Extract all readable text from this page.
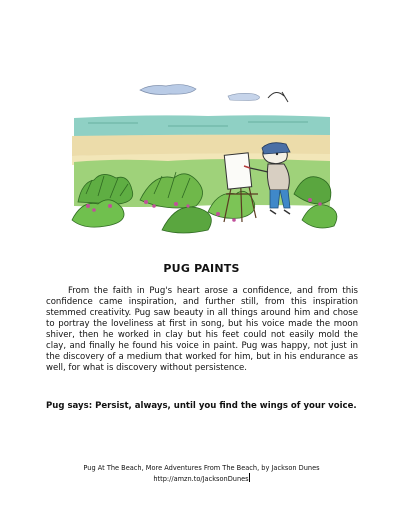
PUG PAINTS

From the faith in Pug's heart arose a confidence, and from this confidence came inspiration, and further still, from this inspiration stemmed creativity. Pug saw beauty in all things around him and chose to portray the loveliness at first in song, but his voice made the moon shiver, then he worked in clay but his feet could not easily mold the clay, and finally he found his voice in paint. Pug was happy, not just in the discovery of a medium that worked for him, but in his endurance as well, for what is discovery without persistence.

Pug says: Persist, always, until you find the wings of your voice.

Pug At The Beach, More Adventures From The Beach, by Jackson Dunes
http://amzn.to/JacksonDunes
